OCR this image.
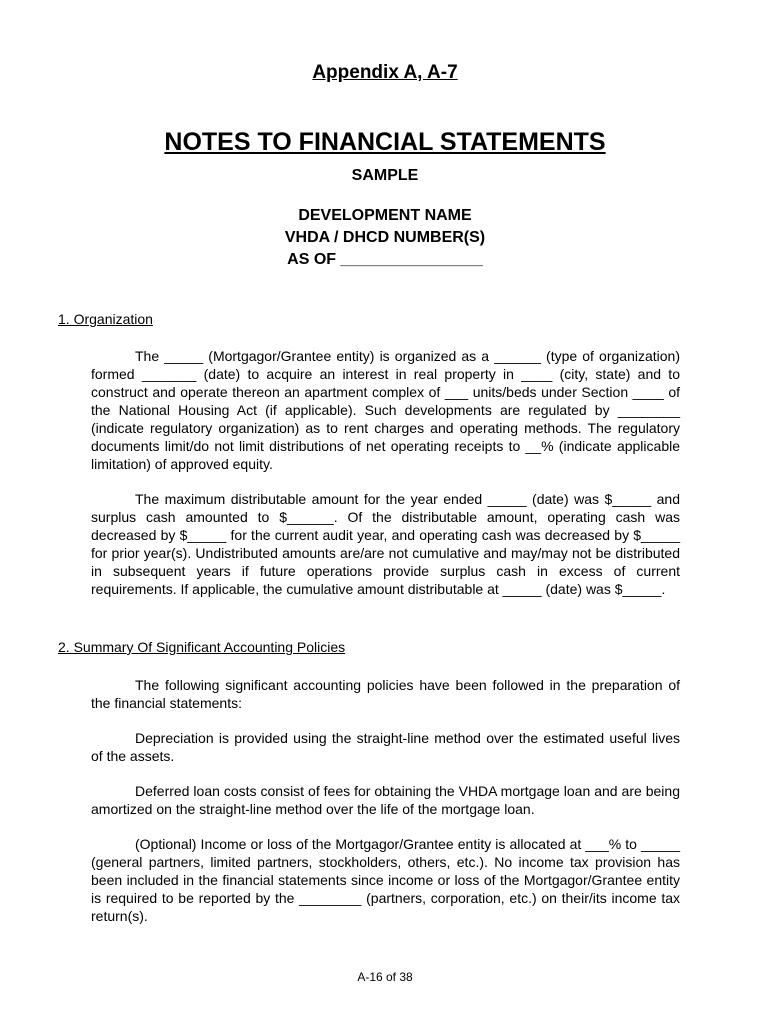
Appendix A, A-7
NOTES TO FINANCIAL STATEMENTS
SAMPLE
DEVELOPMENT NAME
VHDA / DHCD NUMBER(S)
AS OF ________________
1. Organization

The _____ (Mortgagor/Grantee entity) is organized as a ______ (type of organization) formed _______ (date) to acquire an interest in real property in ____ (city, state) and to construct and operate thereon an apartment complex of ___ units/beds under Section ____ of the National Housing Act (if applicable). Such developments are regulated by ________ (indicate regulatory organization) as to rent charges and operating methods. The regulatory documents limit/do not limit distributions of net operating receipts to __% (indicate applicable limitation) of approved equity.

The maximum distributable amount for the year ended _____ (date) was $_____ and surplus cash amounted to $______. Of the distributable amount, operating cash was decreased by $_____ for the current audit year, and operating cash was decreased by $_____ for prior year(s). Undistributed amounts are/are not cumulative and may/may not be distributed in subsequent years if future operations provide surplus cash in excess of current requirements. If applicable, the cumulative amount distributable at _____ (date) was $_____.

2. Summary Of Significant Accounting Policies

The following significant accounting policies have been followed in the preparation of the financial statements:

Depreciation is provided using the straight-line method over the estimated useful lives of the assets.

Deferred loan costs consist of fees for obtaining the VHDA mortgage loan and are being amortized on the straight-line method over the life of the mortgage loan.

(Optional) Income or loss of the Mortgagor/Grantee entity is allocated at ___% to _____ (general partners, limited partners, stockholders, others, etc.). No income tax provision has been included in the financial statements since income or loss of the Mortgagor/Grantee entity is required to be reported by the ________ (partners, corporation, etc.) on their/its income tax return(s).

A-16 of 38
